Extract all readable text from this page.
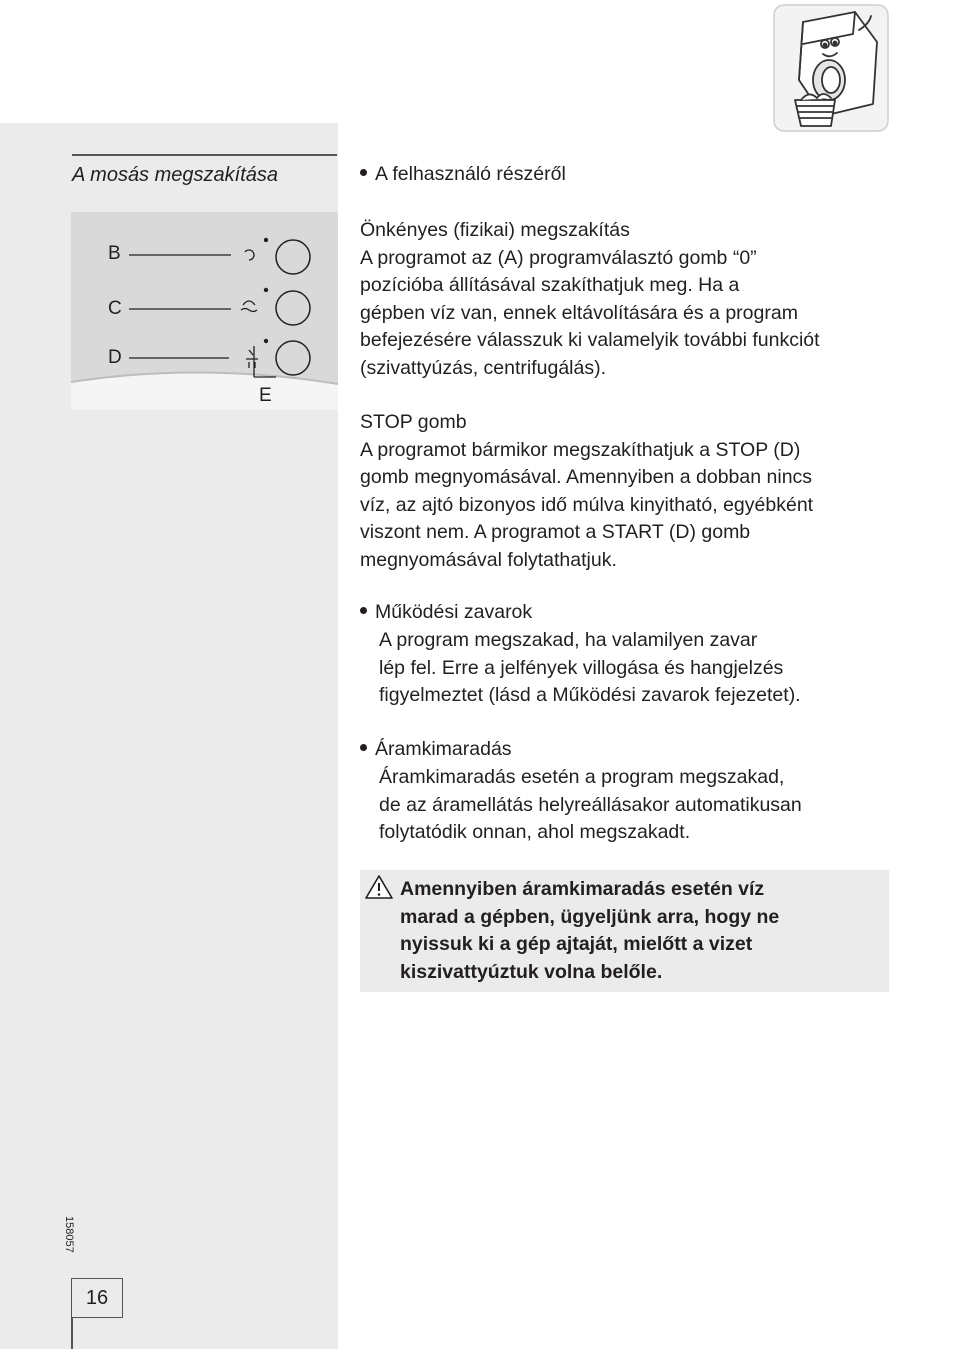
A mosás megszakítása
B
C
D
E
A felhasználó részéről
Önkényes (fizikai) megszakítás
A programot az (A) programválasztó gomb “0”
pozícióba állításával szakíthatjuk meg. Ha a
gépben víz van, ennek eltávolítására és a program
befejezésére válasszuk ki valamelyik további funkciót
(szivattyúzás, centrifugálás).
STOP gomb
A programot bármikor megszakíthatjuk a STOP (D)
gomb megnyomásával. Amennyiben a dobban nincs
víz, az ajtó bizonyos idő múlva kinyitható, egyébként
viszont nem. A programot a START (D) gomb
megnyomásával folytathatjuk.
Működési zavarok
A program megszakad, ha valamilyen zavar
lép fel. Erre a jelfények villogása és hangjelzés
figyelmeztet (lásd a Működési zavarok fejezetet).
Áramkimaradás
Áramkimaradás esetén a program megszakad,
de az áramellátás helyreállásakor automatikusan
folytatódik onnan, ahol megszakadt.
Amennyiben áramkimaradás esetén víz
marad a gépben, ügyeljünk arra, hogy ne
nyissuk ki a gép ajtaját, mielőtt a vizet
kiszivattyúztuk volna belőle.
158057
16
